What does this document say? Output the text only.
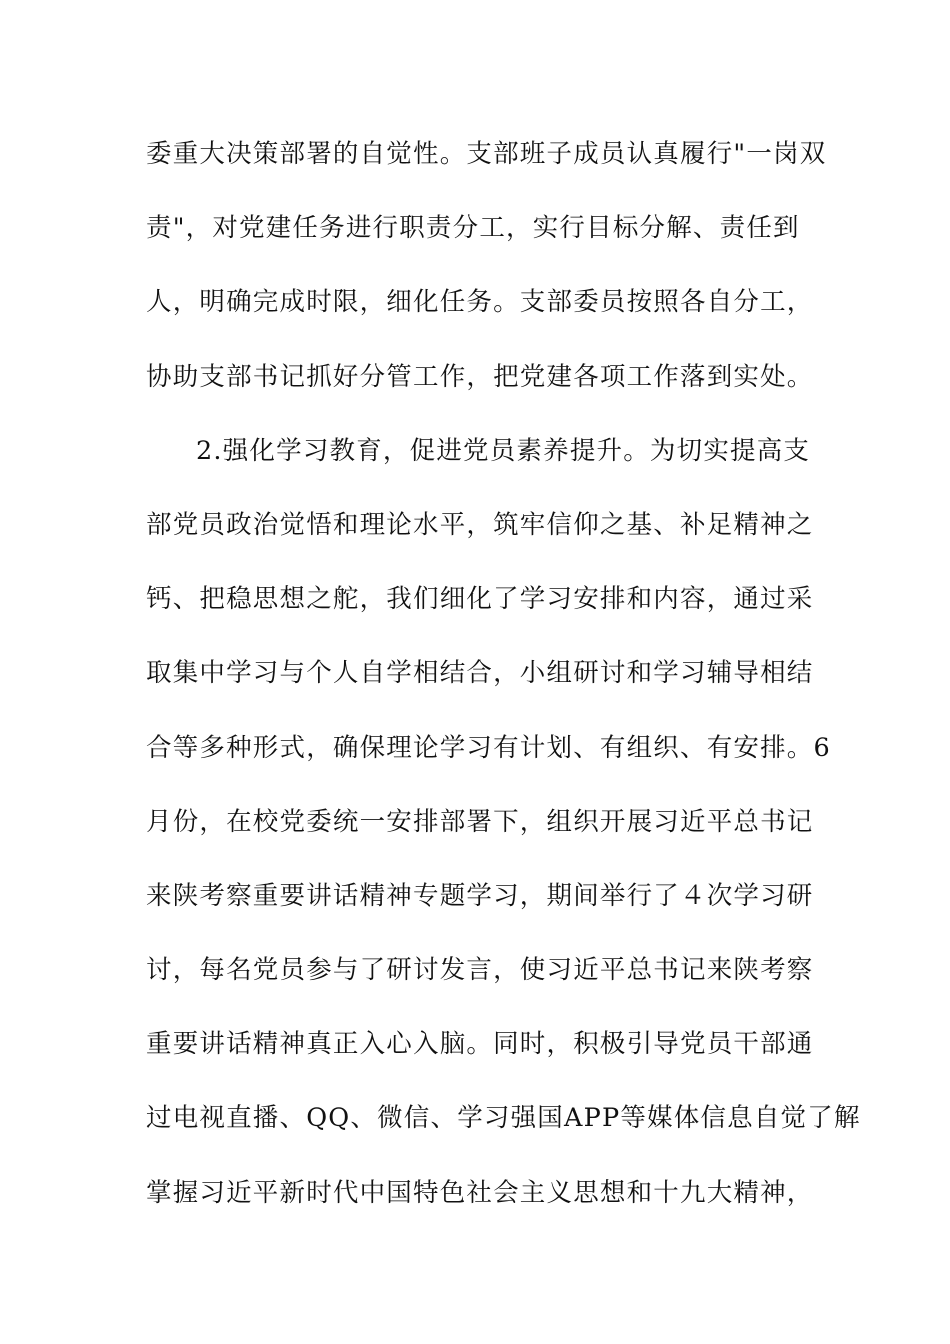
委重大决策部署的自觉性。支部班子成员认真履行"一岗双
责"，对党建任务进行职责分工，实行目标分解、责任到
人，明确完成时限，细化任务。支部委员按照各自分工，
协助支部书记抓好分管工作，把党建各项工作落到实处。
2.强化学习教育，促进党员素养提升。为切实提高支
部党员政治觉悟和理论水平，筑牢信仰之基、补足精神之
钙、把稳思想之舵，我们细化了学习安排和内容，通过采
取集中学习与个人自学相结合，小组研讨和学习辅导相结
合等多种形式，确保理论学习有计划、有组织、有安排。6
月份，在校党委统一安排部署下，组织开展习近平总书记
来陕考察重要讲话精神专题学习，期间举行了４次学习研
讨，每名党员参与了研讨发言，使习近平总书记来陕考察
重要讲话精神真正入心入脑。同时，积极引导党员干部通
过电视直播、QQ、微信、学习强国APP等媒体信息自觉了解
掌握习近平新时代中国特色社会主义思想和十九大精神，
